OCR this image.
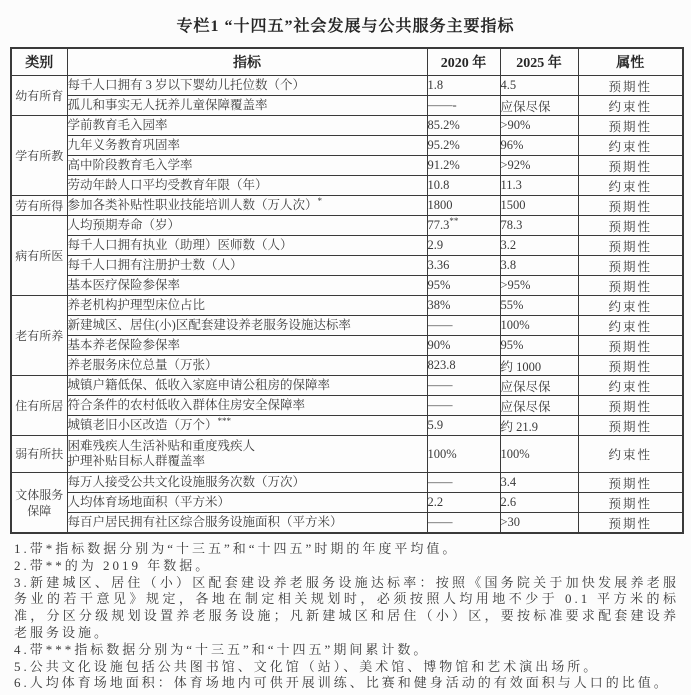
专栏1 “十四五”社会发展与公共服务主要指标
类别	指标	2020 年	2025 年	属性
幼有所育	每千人口拥有 3 岁以下婴幼儿托位数（个）	1.8	4.5	预期性
	孤儿和事实无人抚养儿童保障覆盖率	——-	应保尽保	约束性
学有所教	学前教育毛入园率	85.2%	>90%	预期性
	九年义务教育巩固率	95.2%	96%	约束性
	高中阶段教育毛入学率	91.2%	>92%	预期性
	劳动年龄人口平均受教育年限（年）	10.8	11.3	约束性
劳有所得	参加各类补贴性职业技能培训人数（万人次）*	1800	1500	预期性
病有所医	人均预期寿命（岁）	77.3**	78.3	预期性
	每千人口拥有执业（助理）医师数（人）	2.9	3.2	预期性
	每千人口拥有注册护士数（人）	3.36	3.8	预期性
	基本医疗保险参保率	95%	>95%	预期性
老有所养	养老机构护理型床位占比	38%	55%	约束性
	新建城区、居住(小)区配套建设养老服务设施达标率	——	100%	约束性
	基本养老保险参保率	90%	95%	预期性
	养老服务床位总量（万张）	823.8	约 1000	预期性
住有所居	城镇户籍低保、低收入家庭申请公租房的保障率	——	应保尽保	约束性
	符合条件的农村低收入群体住房安全保障率	——	应保尽保	预期性
	城镇老旧小区改造（万个）***	5.9	约 21.9	预期性
弱有所扶	困难残疾人生活补贴和重度残疾人
护理补贴目标人群覆盖率	100%	100%	约束性
文体服务保障	每万人接受公共文化设施服务次数（万次）	——	3.4	预期性
	人均体育场地面积（平方米）	2.2	2.6	预期性
	每百户居民拥有社区综合服务设施面积（平方米）	——	>30	预期性
1.带*指标数据分别为“十三五”和“十四五”时期的年度平均值。
2.带**的为 2019 年数据。
3.新建城区、居住（小）区配套建设养老服务设施达标率：按照《国务院关于加快发展养老服务业的若干意见》规定，各地在制定相关规划时，必须按照人均用地不少于 0.1 平方米的标准，分区分级规划设置养老服务设施；凡新建城区和居住（小）区，要按标准要求配套建设养老服务设施。
4.带***指标数据分别为“十三五”和“十四五”期间累计数。
5.公共文化设施包括公共图书馆、文化馆（站）、美术馆、博物馆和艺术演出场所。
6.人均体育场地面积：体育场地内可供开展训练、比赛和健身活动的有效面积与人口的比值。
